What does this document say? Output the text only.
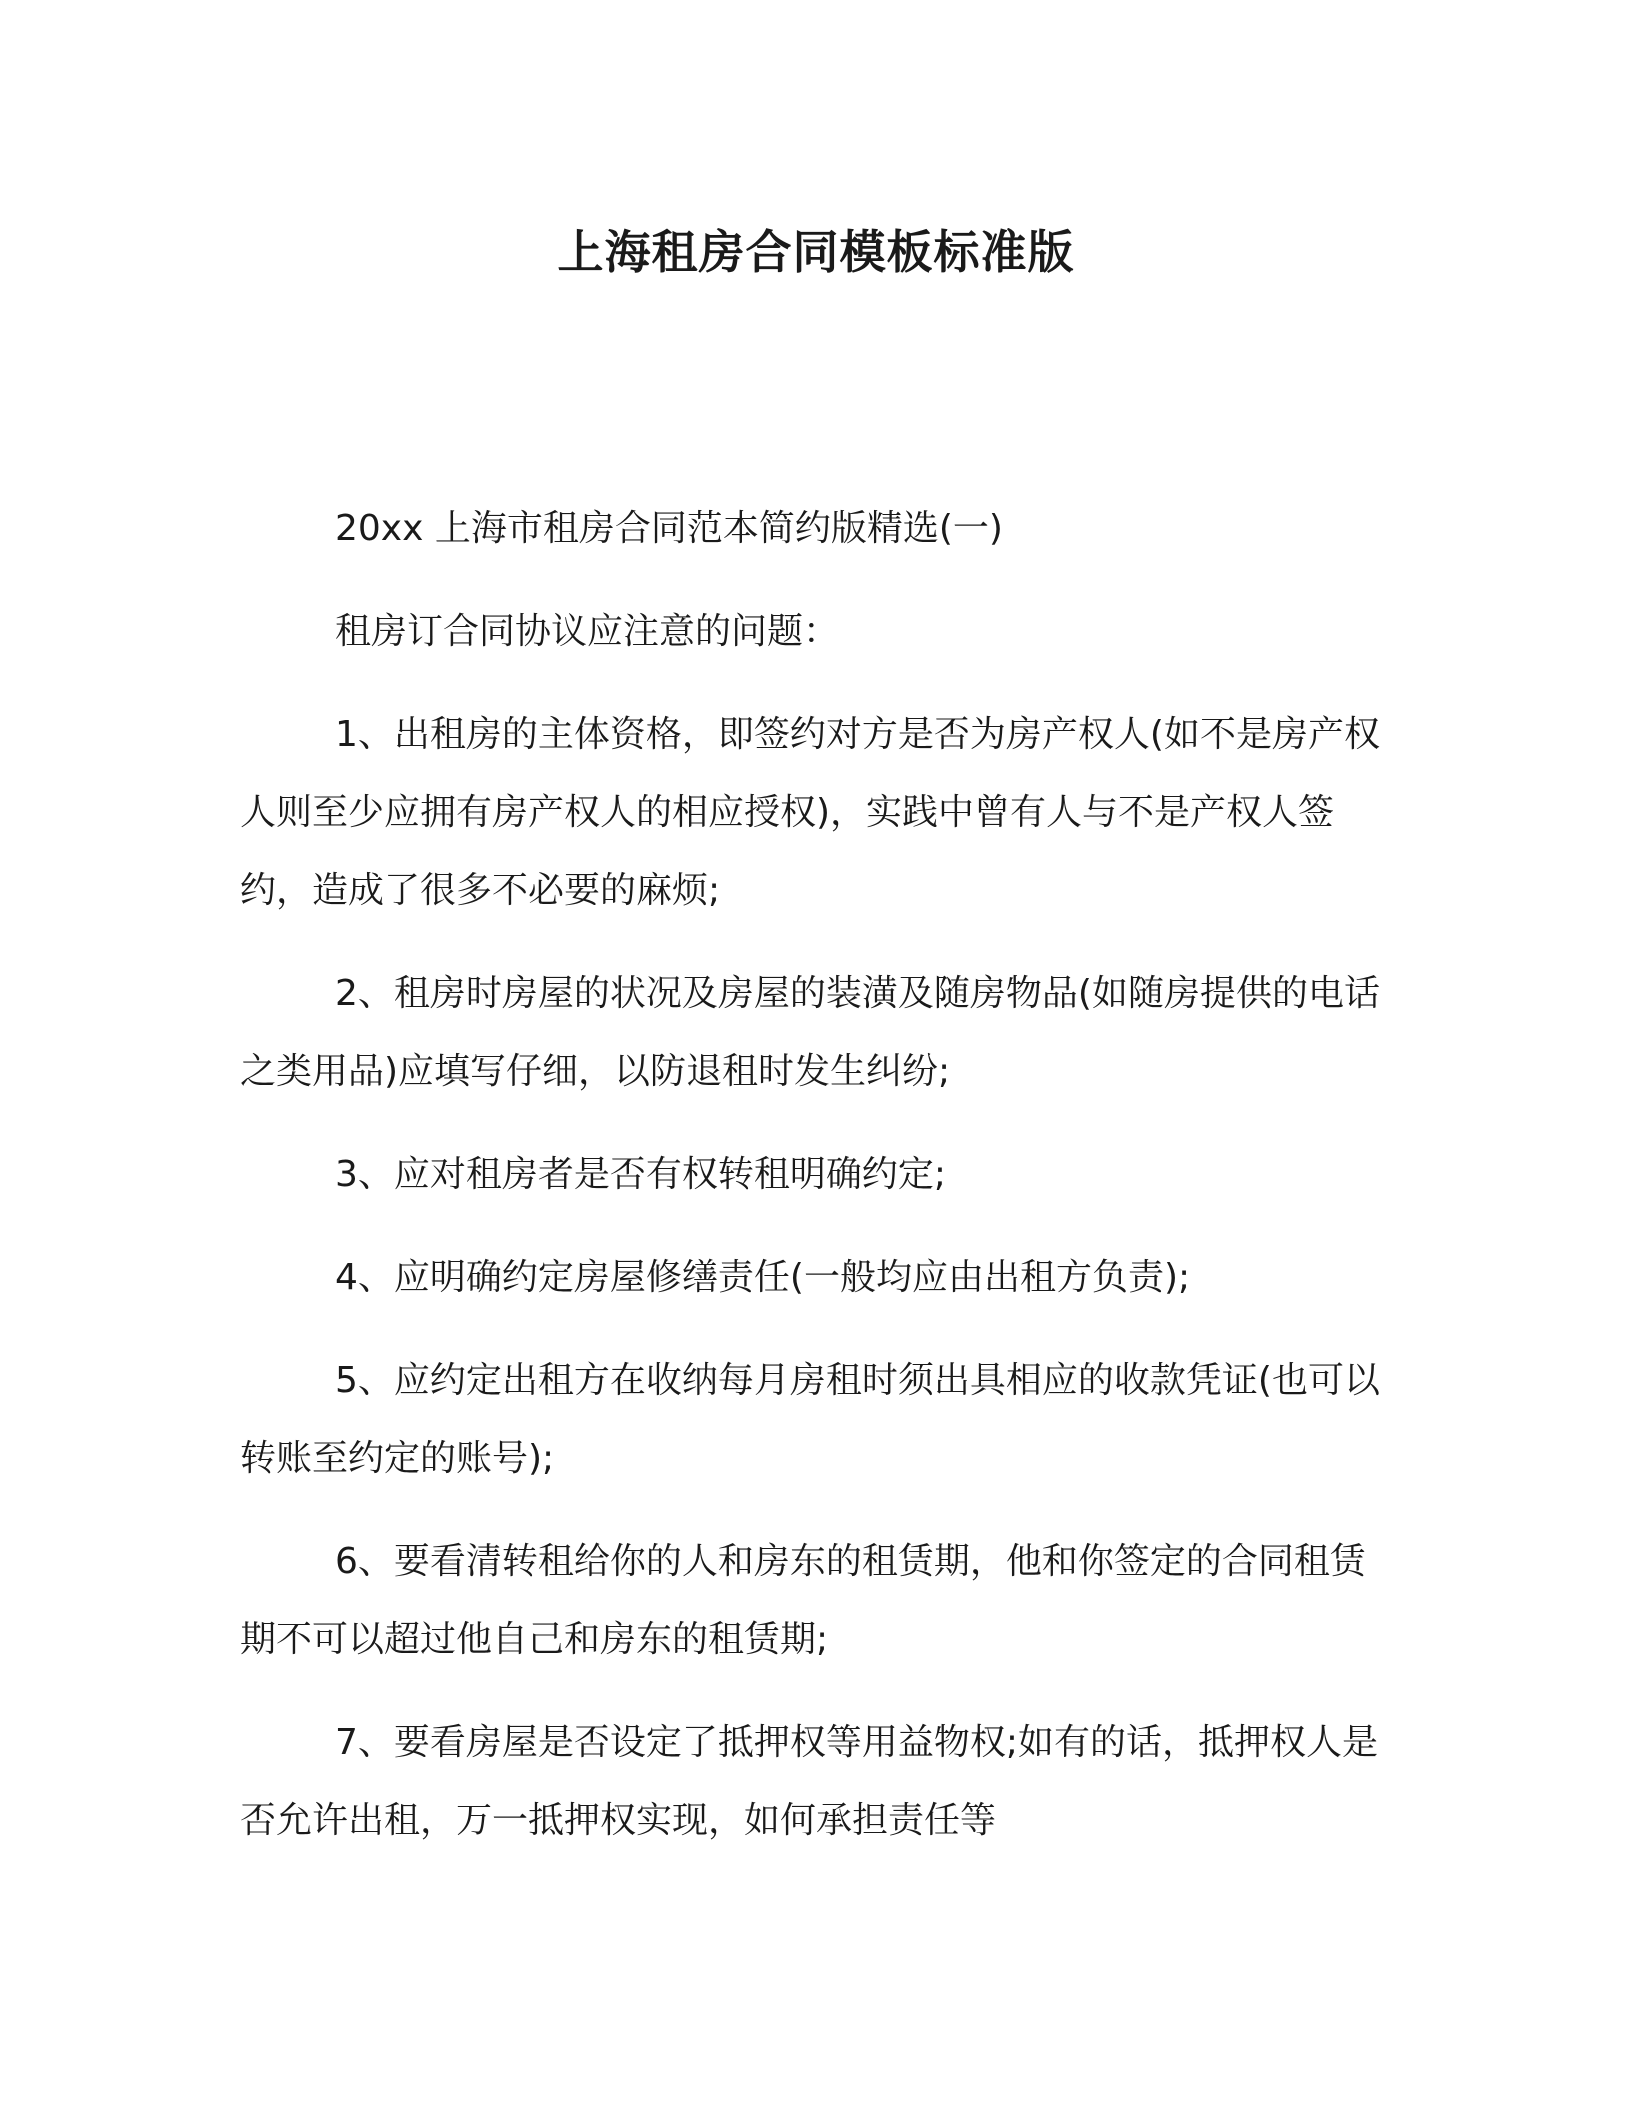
上海租房合同模板标准版

20xx 上海市租房合同范本简约版精选(一)

租房订合同协议应注意的问题：

1、出租房的主体资格，即签约对方是否为房产权人(如不是房产权人则至少应拥有房产权人的相应授权)，实践中曾有人与不是产权人签约，造成了很多不必要的麻烦;

2、租房时房屋的状况及房屋的装潢及随房物品(如随房提供的电话之类用品)应填写仔细，以防退租时发生纠纷;

3、应对租房者是否有权转租明确约定;

4、应明确约定房屋修缮责任(一般均应由出租方负责);

5、应约定出租方在收纳每月房租时须出具相应的收款凭证(也可以转账至约定的账号);

6、要看清转租给你的人和房东的租赁期，他和你签定的合同租赁期不可以超过他自己和房东的租赁期;

7、要看房屋是否设定了抵押权等用益物权;如有的话，抵押权人是否允许出租，万一抵押权实现，如何承担责任等
